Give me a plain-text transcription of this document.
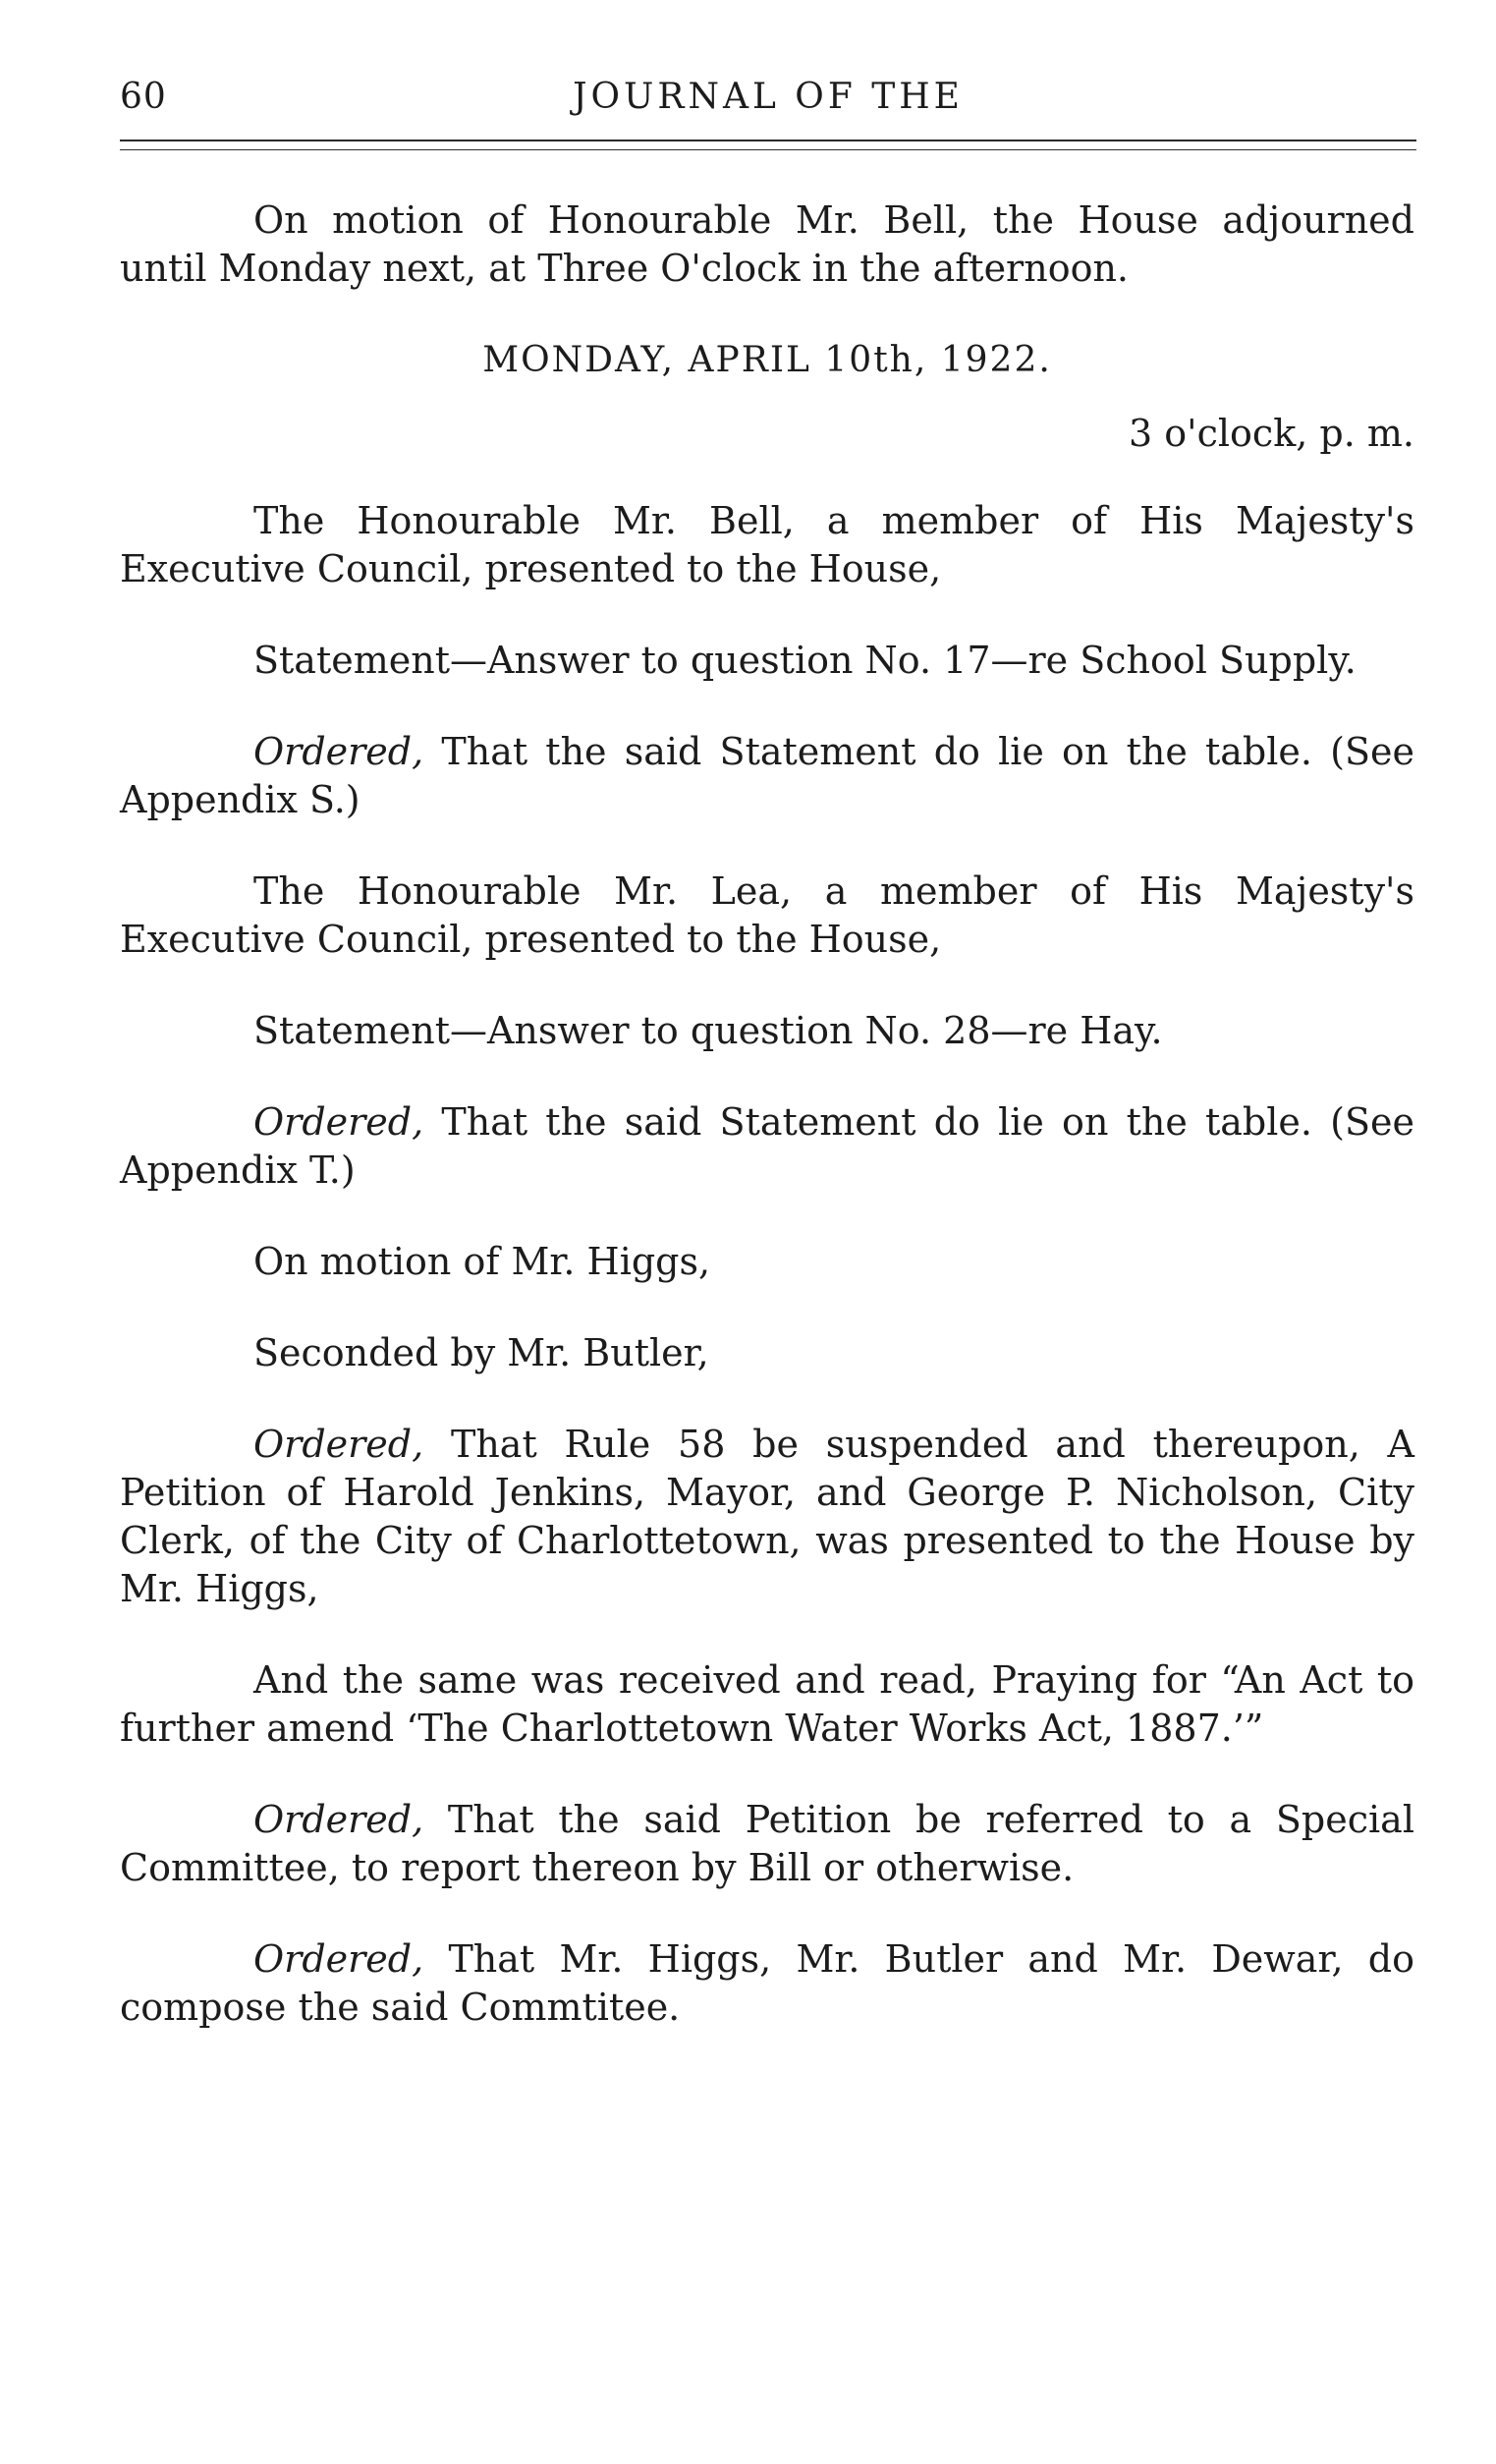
60	JOURNAL OF THE

On motion of Honourable Mr. Bell, the House adjourned until Monday next, at Three O'clock in the afternoon.

MONDAY, APRIL 10th, 1922.
3 o'clock, p. m.

The Honourable Mr. Bell, a member of His Majesty's Executive Council, presented to the House,

Statement—Answer to question No. 17—re School Supply.

Ordered, That the said Statement do lie on the table. (See Appendix S.)

The Honourable Mr. Lea, a member of His Majesty's Executive Council, presented to the House,

Statement—Answer to question No. 28—re Hay.

Ordered, That the said Statement do lie on the table. (See Appendix T.)

On motion of Mr. Higgs,

Seconded by Mr. Butler,

Ordered, That Rule 58 be suspended and thereupon, A Petition of Harold Jenkins, Mayor, and George P. Nicholson, City Clerk, of the City of Charlottetown, was presented to the House by Mr. Higgs,

And the same was received and read, Praying for “An Act to further amend ‘The Charlottetown Water Works Act, 1887.’”

Ordered, That the said Petition be referred to a Special Committee, to report thereon by Bill or otherwise.

Ordered, That Mr. Higgs, Mr. Butler and Mr. Dewar, do compose the said Commtitee.
